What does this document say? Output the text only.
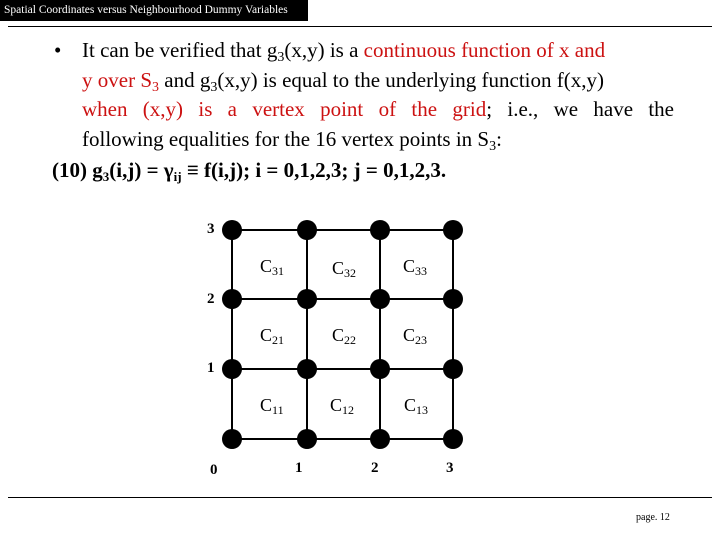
Spatial Coordinates versus Neighbourhood Dummy Variables
• It can be verified that $g_3(x,y)$ is a continuous function of x and
y over $S_3$ and $g_3(x,y)$ is equal to the underlying function f(x,y)
when (x,y) is a vertex point of the grid; i.e., we have the
following equalities for the 16 vertex points in $S_3$:
(10) $g_3(i,j) = \gamma_{ij} \equiv f(i,j)$; i = 0,1,2,3; j = 0,1,2,3.
3
2
1
0	1	2	3
$C_{31}$	$C_{32}$	$C_{33}$
$C_{21}$	$C_{22}$	$C_{23}$
$C_{11}$	$C_{12}$	$C_{13}$
page. 12
